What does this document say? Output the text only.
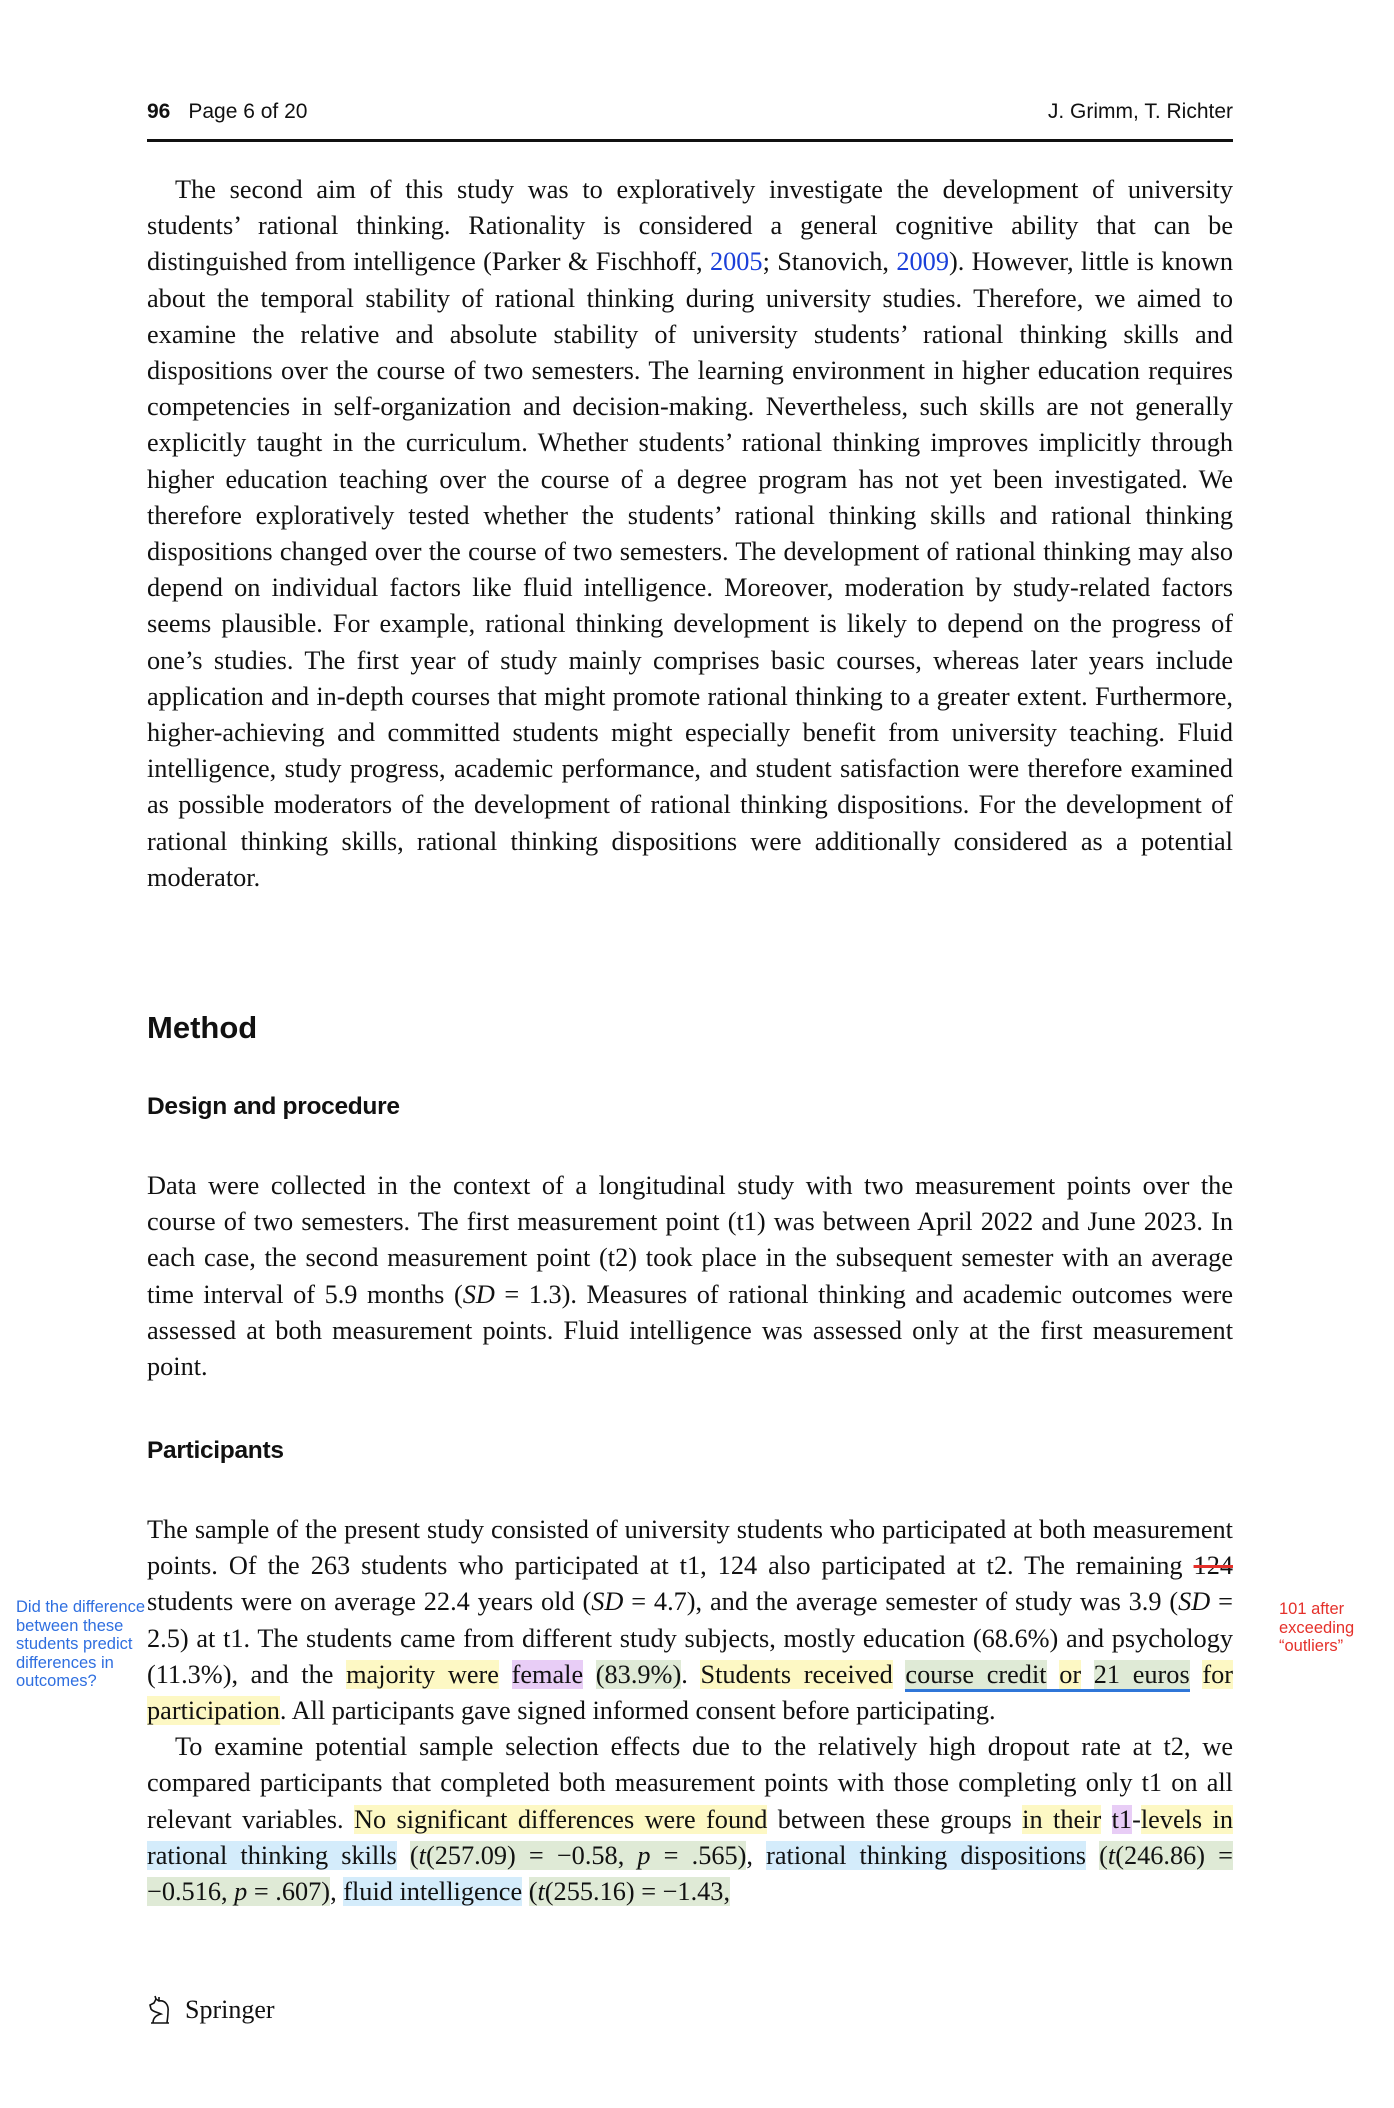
96 Page 6 of 20	J. Grimm, T. Richter

The second aim of this study was to exploratively investigate the development of university students’ rational thinking. Rationality is considered a general cognitive ability that can be distinguished from intelligence (Parker & Fischhoff, 2005; Stanovich, 2009). However, little is known about the temporal stability of rational thinking during university studies. Therefore, we aimed to examine the relative and absolute stability of university students’ rational thinking skills and dispositions over the course of two semesters. The learning environment in higher education requires competencies in self-organization and decision-making. Nevertheless, such skills are not generally explicitly taught in the curriculum. Whether students’ rational thinking improves implicitly through higher education teaching over the course of a degree program has not yet been investigated. We therefore exploratively tested whether the students’ rational thinking skills and rational thinking dispositions changed over the course of two semesters. The development of rational thinking may also depend on individual factors like fluid intelligence. Moreover, moderation by study-related factors seems plausible. For example, rational thinking development is likely to depend on the progress of one’s studies. The first year of study mainly comprises basic courses, whereas later years include application and in-depth courses that might promote rational thinking to a greater extent. Furthermore, higher-achieving and committed students might especially benefit from university teaching. Fluid intelligence, study progress, academic performance, and student satisfaction were therefore examined as possible moderators of the development of rational thinking dispositions. For the development of rational thinking skills, rational thinking dispositions were additionally considered as a potential moderator.

Method
Design and procedure

Data were collected in the context of a longitudinal study with two measurement points over the course of two semesters. The first measurement point (t1) was between April 2022 and June 2023. In each case, the second measurement point (t2) took place in the subsequent semester with an average time interval of 5.9 months (SD = 1.3). Measures of rational thinking and academic outcomes were assessed at both measurement points. Fluid intelligence was assessed only at the first measurement point.

Participants

The sample of the present study consisted of university students who participated at both measurement points. Of the 263 students who participated at t1, 124 also participated at t2. The remaining 124 students were on average 22.4 years old (SD = 4.7), and the average semester of study was 3.9 (SD = 2.5) at t1. The students came from different study subjects, mostly education (68.6%) and psychology (11.3%), and the majority were female (83.9%). Students received course credit or 21 euros for participation. All participants gave signed informed consent before participating.

To examine potential sample selection effects due to the relatively high dropout rate at t2, we compared participants that completed both measurement points with those completing only t1 on all relevant variables. No significant differences were found between these groups in their t1-levels in rational thinking skills (t(257.09) = −0.58, p = .565), rational thinking dispositions (t(246.86) = −0.516, p = .607), fluid intelligence (t(255.16) = −1.43,

Did the difference between these students predict differences in outcomes?
101 after exceeding “outliers”
Springer
